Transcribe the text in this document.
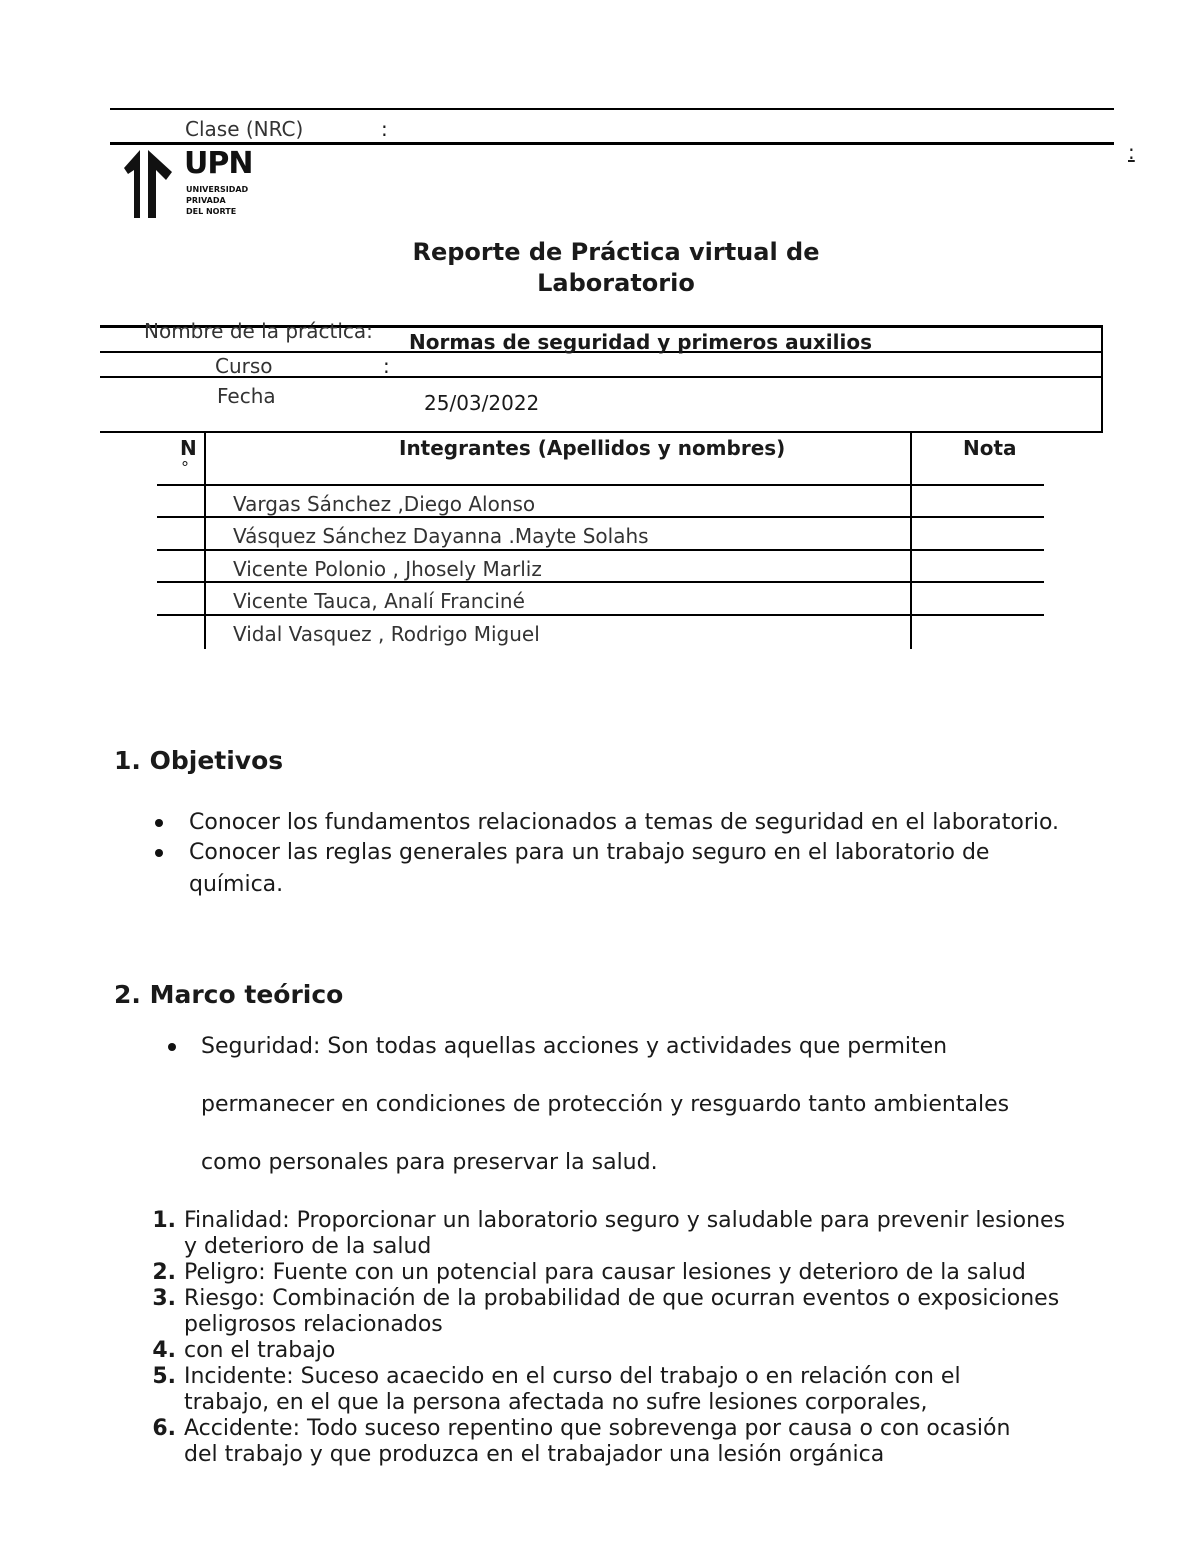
Clase (NRC)	:
:
UPN
UNIVERSIDAD
PRIVADA
DEL NORTE
Reporte de Práctica virtual de
Laboratorio
Nombre de la práctica: Normas de seguridad y primeros auxilios
Curso	:
Fecha	25/03/2022
N
°
Integrantes (Apellidos y nombres)	Nota
Vargas Sánchez ,Diego Alonso
Vásquez Sánchez Dayanna .Mayte Solahs
Vicente Polonio , Jhosely Marliz
Vicente Tauca, Analí Franciné
Vidal Vasquez , Rodrigo Miguel
1. Objetivos
Conocer los fundamentos relacionados a temas de seguridad en el laboratorio.
Conocer las reglas generales para un trabajo seguro en el laboratorio de
química.
2. Marco teórico
Seguridad: Son todas aquellas acciones y actividades que permiten
permanecer en condiciones de protección y resguardo tanto ambientales
como personales para preservar la salud.
1. Finalidad: Proporcionar un laboratorio seguro y saludable para prevenir lesiones
y deterioro de la salud
2. Peligro: Fuente con un potencial para causar lesiones y deterioro de la salud
3. Riesgo: Combinación de la probabilidad de que ocurran eventos o exposiciones
peligrosos relacionados
4. con el trabajo
5. Incidente: Suceso acaecido en el curso del trabajo o en relación con el
trabajo, en el que la persona afectada no sufre lesiones corporales,
6. Accidente: Todo suceso repentino que sobrevenga por causa o con ocasión
del trabajo y que produzca en el trabajador una lesión orgánica
